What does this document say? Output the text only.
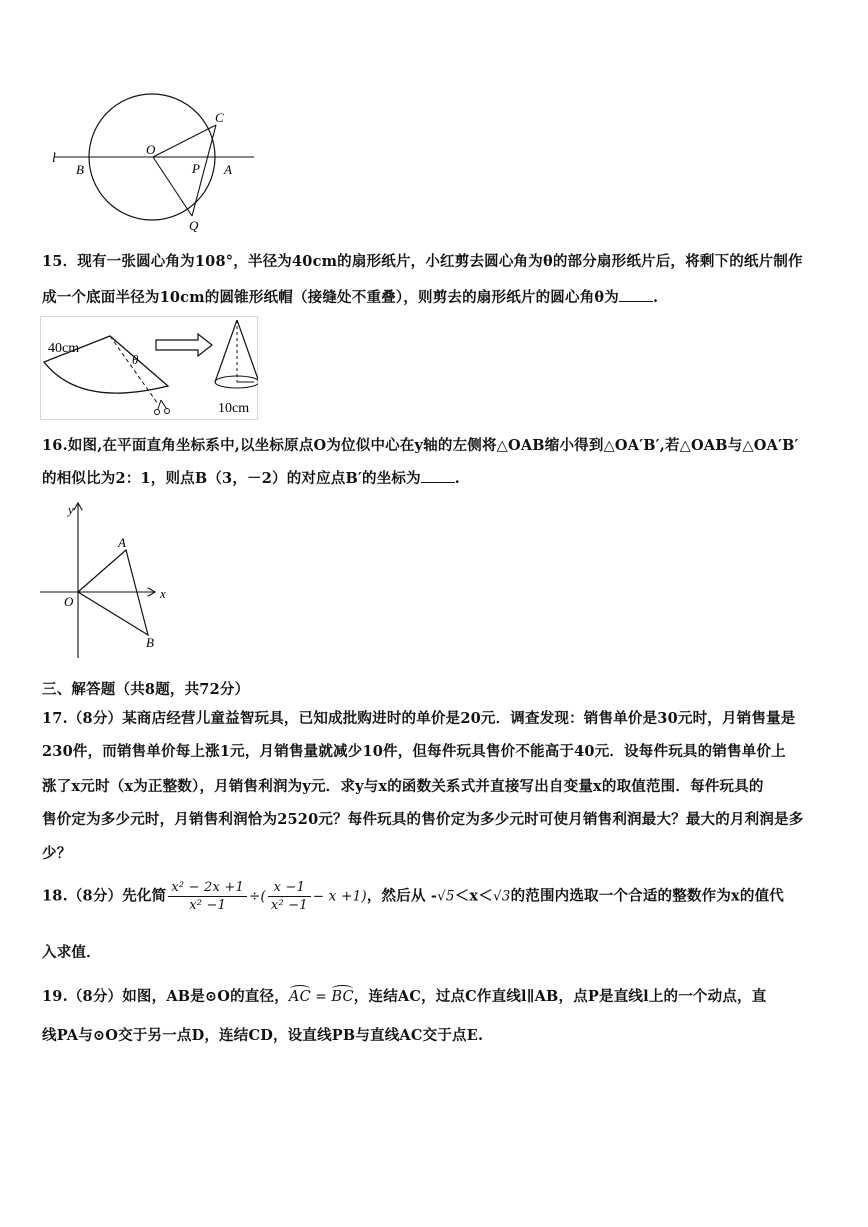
l
B
O
C
P A
Q
15．现有一张圆心角为108°，半径为40cm的扇形纸片，小红剪去圆心角为θ的部分扇形纸片后，将剩下的纸片制作
成一个底面半径为10cm的圆锥形纸帽（接缝处不重叠），则剪去的扇形纸片的圆心角θ为 .
40cm
θ
10cm
16.如图,在平面直角坐标系中,以坐标原点O为位似中心在y轴的左侧将△OAB缩小得到△OA′B′,若△OAB与△OA′B′
的相似比为2：1，则点B（3，－2）的对应点B′的坐标为 .
y
x
O
A
B
三、解答题（共8题，共72分）
17.（8分）某商店经营儿童益智玩具，已知成批购进时的单价是20元．调查发现：销售单价是30元时，月销售量是
230件，而销售单价每上涨1元，月销售量就减少10件，但每件玩具售价不能高于40元．设每件玩具的销售单价上
涨了x元时（x为正整数），月销售利润为y元．求y与x的函数关系式并直接写出自变量x的取值范围．每件玩具的
售价定为多少元时，月销售利润恰为2520元？每件玩具的售价定为多少元时可使月销售利润最大？最大的月利润是多
少？
18.（8分）先化简 $\frac{\text{x² − 2x +1}}{\text{x² −1}}$ ÷( $\frac{x -1}{\text{x² −1}} - x +1$)，然后从 -√5＜x＜√3的范围内选取一个合适的整数作为x的值代
入求值．
19.（8分）如图，AB是⊙O的直径，AC = BC，连结AC，过点C作直线l∥AB，点P是直线l上的一个动点，直
线PA与⊙O交于另一点D，连结CD，设直线PB与直线AC交于点E.
